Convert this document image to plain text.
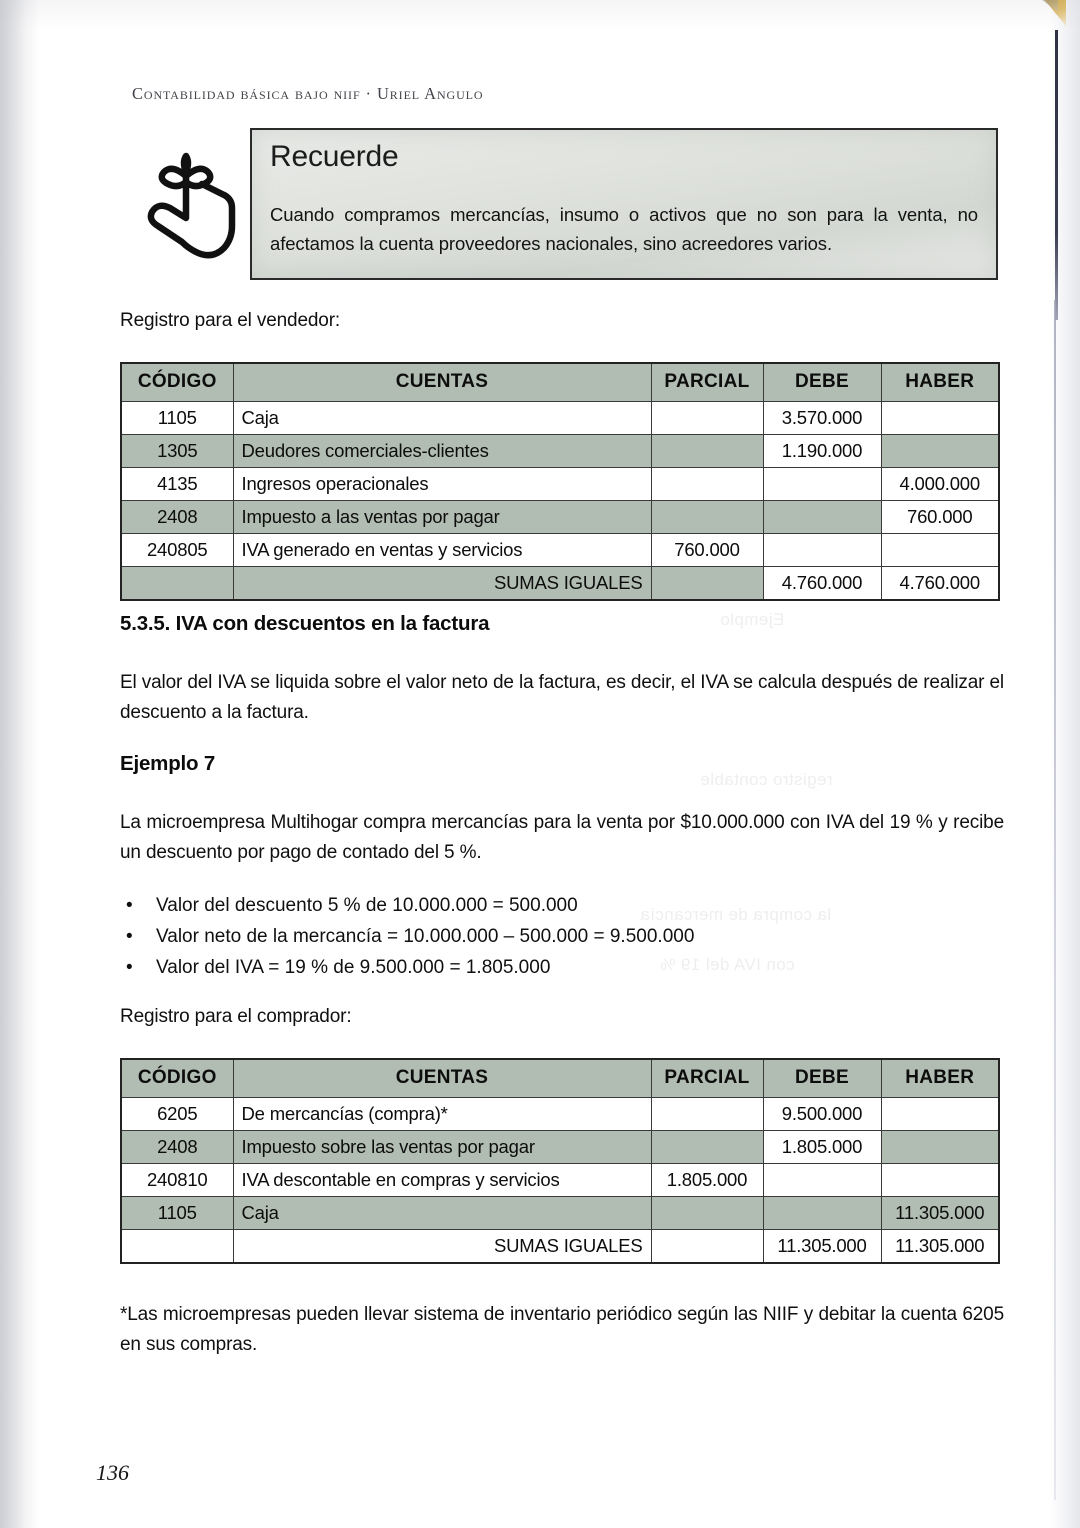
Ejemplo
registro contable
la compra de mercancía
con IVA del 19 %
Contabilidad básica bajo niif · Uriel Angulo
Recuerde
Cuando compramos mercancías, insumo o activos que no son para la venta, no afectamos la cuenta proveedores nacionales, sino acreedores varios.
Registro para el vendedor:
CÓDIGO	CUENTAS	PARCIAL	DEBE	HABER
1105	Caja		3.570.000	
1305	Deudores comerciales-clientes		1.190.000	
4135	Ingresos operacionales			4.000.000
2408	Impuesto a las ventas por pagar			760.000
240805	IVA generado en ventas y servicios	760.000		
	SUMAS IGUALES		4.760.000	4.760.000
5.3.5. IVA con descuentos en la factura
El valor del IVA se liquida sobre el valor neto de la factura, es decir, el IVA se calcula después de realizar el descuento a la factura.
Ejemplo 7
La microempresa Multihogar compra mercancías para la venta por $10.000.000 con IVA del 19 % y recibe un descuento por pago de contado del 5 %.
•	Valor del descuento 5 % de 10.000.000 = 500.000
•	Valor neto de la mercancía = 10.000.000 – 500.000 = 9.500.000
•	Valor del IVA = 19 % de 9.500.000 = 1.805.000
Registro para el comprador:
CÓDIGO	CUENTAS	PARCIAL	DEBE	HABER
6205	De mercancías (compra)*		9.500.000	
2408	Impuesto sobre las ventas por pagar		1.805.000	
240810	IVA descontable en compras y servicios	1.805.000		
1105	Caja			11.305.000
	SUMAS IGUALES		11.305.000	11.305.000
*Las microempresas pueden llevar sistema de inventario periódico según las NIIF y debitar la cuenta 6205 en sus compras.
136
